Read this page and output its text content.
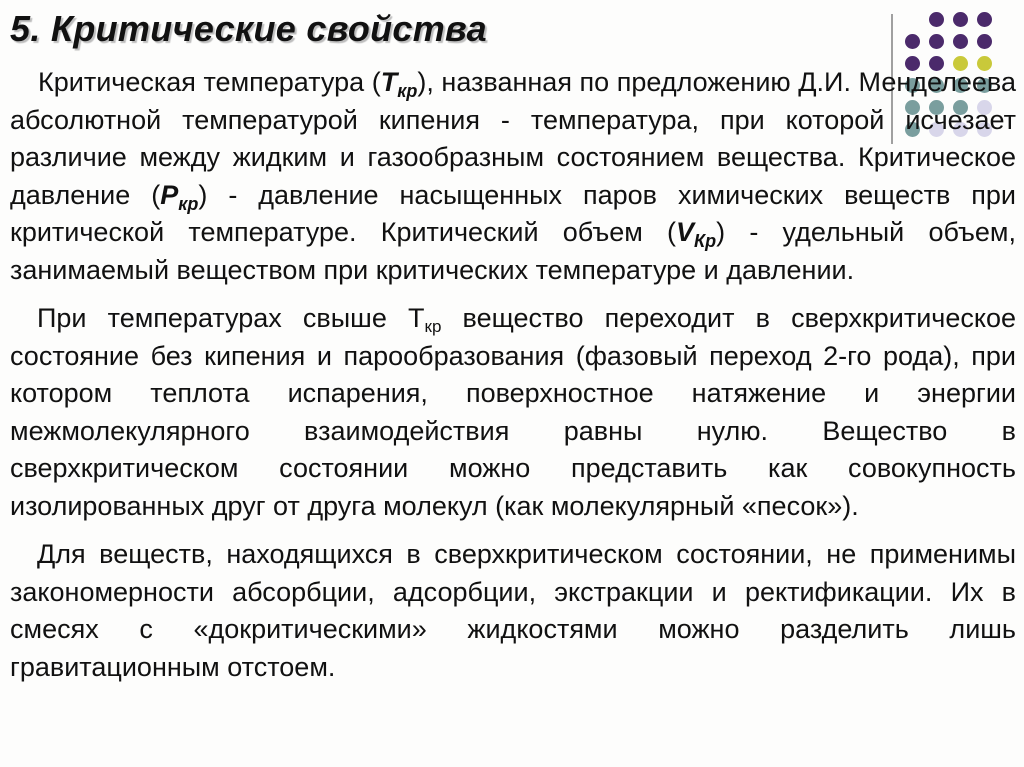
5. Критические свойства

Критическая температура $(T_{кр})$, названная по предложению Д.И. Менделеева абсолютной температурой кипения - температура, при которой исчезает различие между жидким и газообразным состоянием вещества. Критическое давление $(P_{кр})$ - давление насыщенных паров химических веществ при критической температуре. Критический объем $(V_{Кр})$ - удельный объем, занимаемый веществом при критических температуре и давлении.

При температурах свыше $Т_{кр}$ вещество переходит в сверхкритическое состояние без кипения и парообразования (фазовый переход 2-го рода), при котором теплота испарения, поверхностное натяжение и энергии межмолекулярного взаимодействия равны нулю. Вещество в сверхкритическом состоянии можно представить как совокупность изолированных друг от друга молекул (как молекулярный «песок»).

Для веществ, находящихся в сверхкритическом состоянии, не применимы закономерности абсорбции, адсорбции, экстракции и ректификации. Их в смесях с «докритическими» жидкостями можно разделить лишь гравитационным отстоем.
